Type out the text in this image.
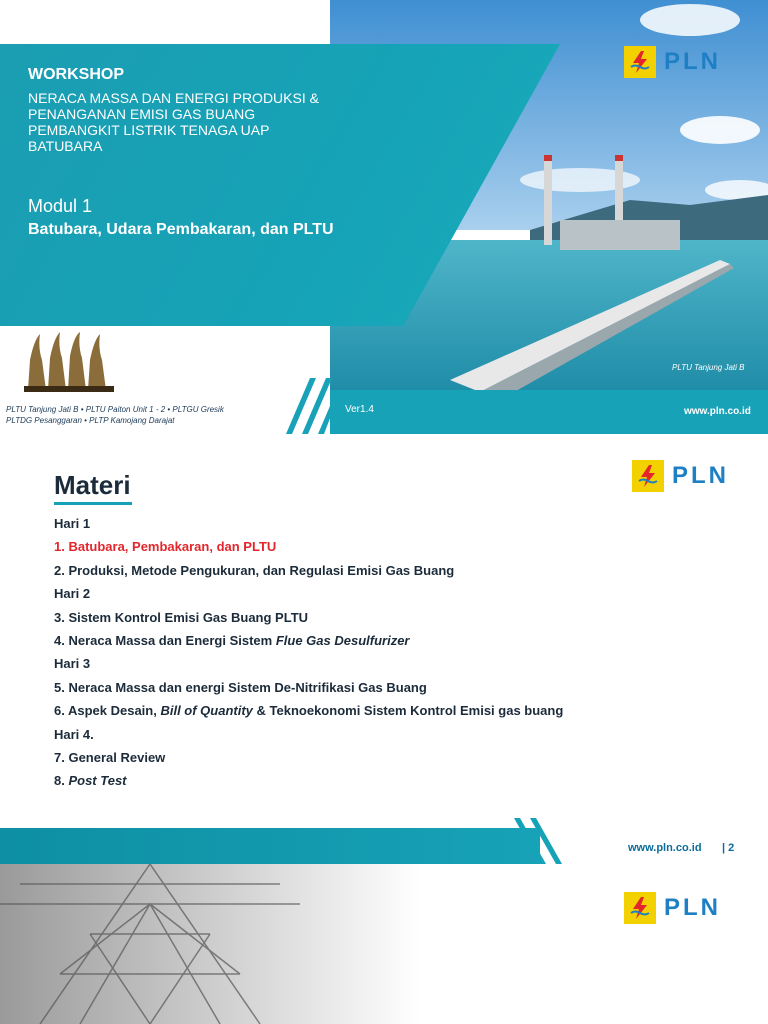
WORKSHOP
NERACA MASSA DAN ENERGI PRODUKSI &
PENANGANAN EMISI GAS BUANG
PEMBANGKIT LISTRIK TENAGA UAP
BATUBARA
Modul 1
Batubara, Udara Pembakaran, dan PLTU
PLN
PLTU Tanjung Jati B • PLTU Paiton Unit 1 - 2 • PLTGU Gresik
PLTDG Pesanggaran • PLTP Kamojang Darajat
PLTU Tanjung Jati B
Ver1.4	www.pln.co.id
Materi	PLN
Hari 1
1. Batubara, Pembakaran, dan PLTU
2. Produksi, Metode Pengukuran, dan Regulasi Emisi Gas Buang
Hari 2
3. Sistem Kontrol Emisi Gas Buang PLTU
4. Neraca Massa dan Energi Sistem Flue Gas Desulfurizer
Hari 3
5. Neraca Massa dan energi Sistem De-Nitrifikasi Gas Buang
6. Aspek Desain, Bill of Quantity & Teknoekonomi Sistem Kontrol Emisi gas buang
Hari 4.
7. General Review
8. Post Test
www.pln.co.id | 2
PLN
